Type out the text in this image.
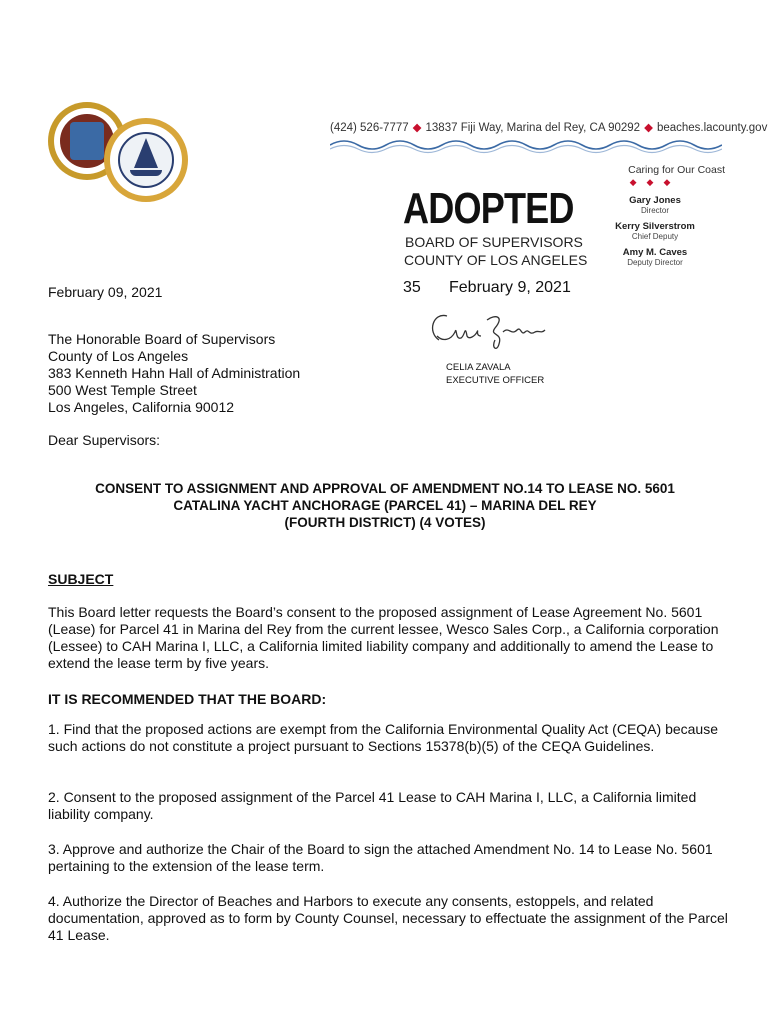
(424) 526-7777 ◆ 13837 Fiji Way, Marina del Rey, CA 90292 ◆ beaches.lacounty.gov
Caring for Our Coast
◆◆◆
Gary Jones
Director
Kerry Silverstrom
Chief Deputy
Amy M. Caves
Deputy Director
ADOPTED
BOARD OF SUPERVISORS
COUNTY OF LOS ANGELES
35 February 9, 2021
CELIA ZAVALA
EXECUTIVE OFFICER
February 09, 2021
The Honorable Board of Supervisors
County of Los Angeles
383 Kenneth Hahn Hall of Administration
500 West Temple Street
Los Angeles, California 90012
Dear Supervisors:
CONSENT TO ASSIGNMENT AND APPROVAL OF AMENDMENT NO.14 TO LEASE NO. 5601
CATALINA YACHT ANCHORAGE (PARCEL 41) – MARINA DEL REY
(FOURTH DISTRICT) (4 VOTES)
SUBJECT
This Board letter requests the Board’s consent to the proposed assignment of Lease Agreement No. 5601 (Lease) for Parcel 41 in Marina del Rey from the current lessee, Wesco Sales Corp., a California corporation (Lessee) to CAH Marina I, LLC, a California limited liability company and additionally to amend the Lease to extend the lease term by five years.
IT IS RECOMMENDED THAT THE BOARD:
1. Find that the proposed actions are exempt from the California Environmental Quality Act (CEQA) because such actions do not constitute a project pursuant to Sections 15378(b)(5) of the CEQA Guidelines.
2. Consent to the proposed assignment of the Parcel 41 Lease to CAH Marina I, LLC, a California limited liability company.
3. Approve and authorize the Chair of the Board to sign the attached Amendment No. 14 to Lease No. 5601 pertaining to the extension of the lease term.
4. Authorize the Director of Beaches and Harbors to execute any consents, estoppels, and related documentation, approved as to form by County Counsel, necessary to effectuate the assignment of the Parcel 41 Lease.
